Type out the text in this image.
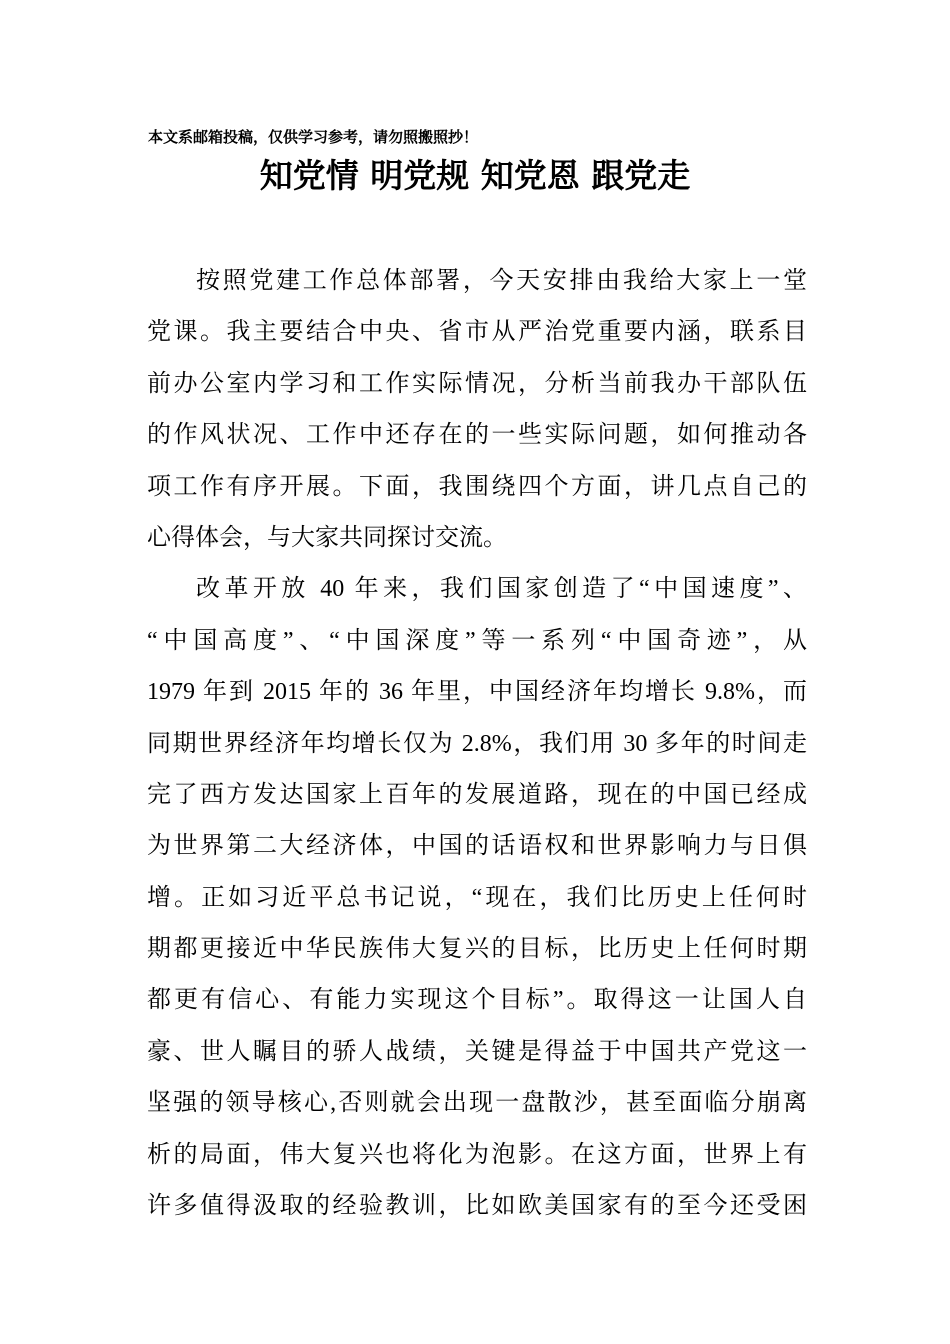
本文系邮箱投稿，仅供学习参考，请勿照搬照抄！
知党情 明党规 知党恩 跟党走
按照党建工作总体部署，今天安排由我给大家上一堂
党课。我主要结合中央、省市从严治党重要内涵，联系目
前办公室内学习和工作实际情况，分析当前我办干部队伍
的作风状况、工作中还存在的一些实际问题，如何推动各
项工作有序开展。下面，我围绕四个方面，讲几点自己的
心得体会，与大家共同探讨交流。
改革开放 40 年来，我们国家创造了“中国速度”、
“中国高度”、“中国深度”等一系列“中国奇迹”，从
1979 年到 2015 年的 36 年里，中国经济年均增长 9.8%，而
同期世界经济年均增长仅为 2.8%，我们用 30 多年的时间走
完了西方发达国家上百年的发展道路，现在的中国已经成
为世界第二大经济体，中国的话语权和世界影响力与日俱
增。正如习近平总书记说，“现在，我们比历史上任何时
期都更接近中华民族伟大复兴的目标，比历史上任何时期
都更有信心、有能力实现这个目标”。取得这一让国人自
豪、世人瞩目的骄人战绩，关键是得益于中国共产党这一
坚强的领导核心,否则就会出现一盘散沙，甚至面临分崩离
析的局面，伟大复兴也将化为泡影。在这方面，世界上有
许多值得汲取的经验教训，比如欧美国家有的至今还受困
